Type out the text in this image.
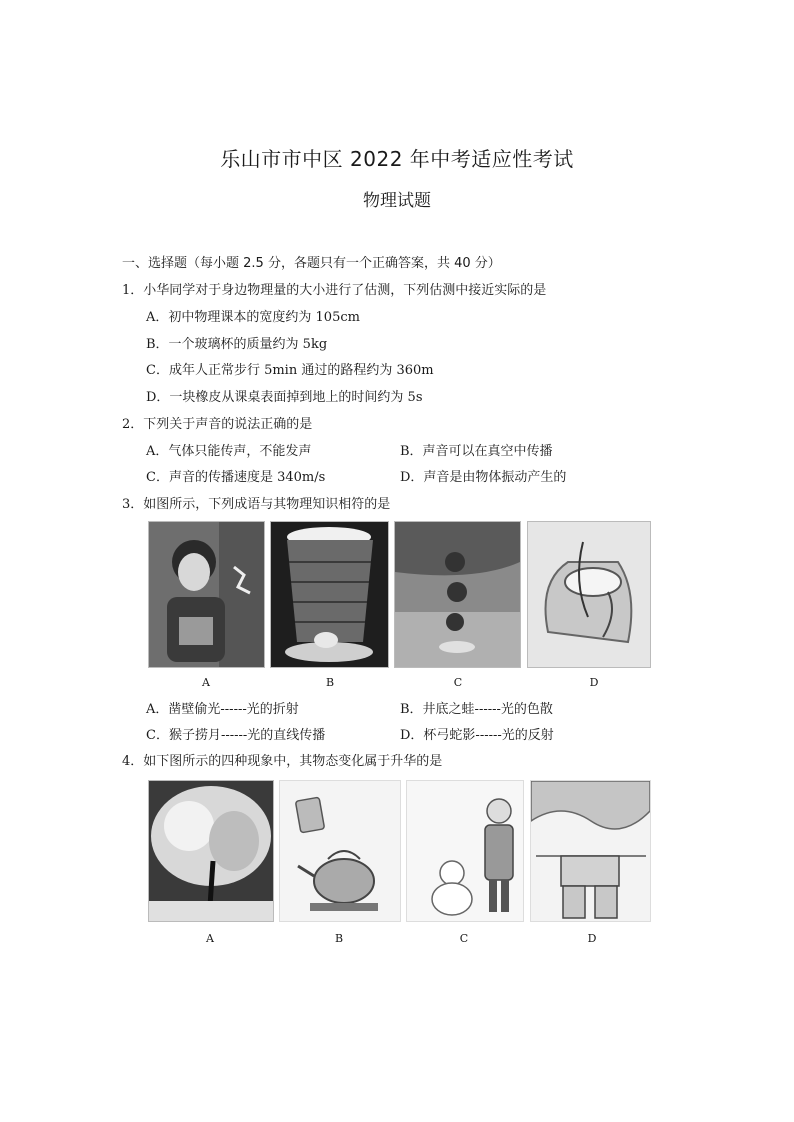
乐山市市中区 2022 年中考适应性考试
物理试题
一、选择题（每小题 2.5 分，各题只有一个正确答案，共 40 分）
1．小华同学对于身边物理量的大小进行了估测，下列估测中接近实际的是
A．初中物理课本的宽度约为 105cm
B．一个玻璃杯的质量约为 5kg
C．成年人正常步行 5min 通过的路程约为 360m
D．一块橡皮从课桌表面掉到地上的时间约为 5s
2．下列关于声音的说法正确的是
A．气体只能传声，不能发声	B．声音可以在真空中传播
C．声音的传播速度是 340m/s	D．声音是由物体振动产生的
3．如图所示，下列成语与其物理知识相符的是
A	B	C	D
A．凿壁偷光------光的折射	B．井底之蛙------光的色散
C．猴子捞月------光的直线传播	D．杯弓蛇影------光的反射
4．如下图所示的四种现象中，其物态变化属于升华的是
A	B	C	D
